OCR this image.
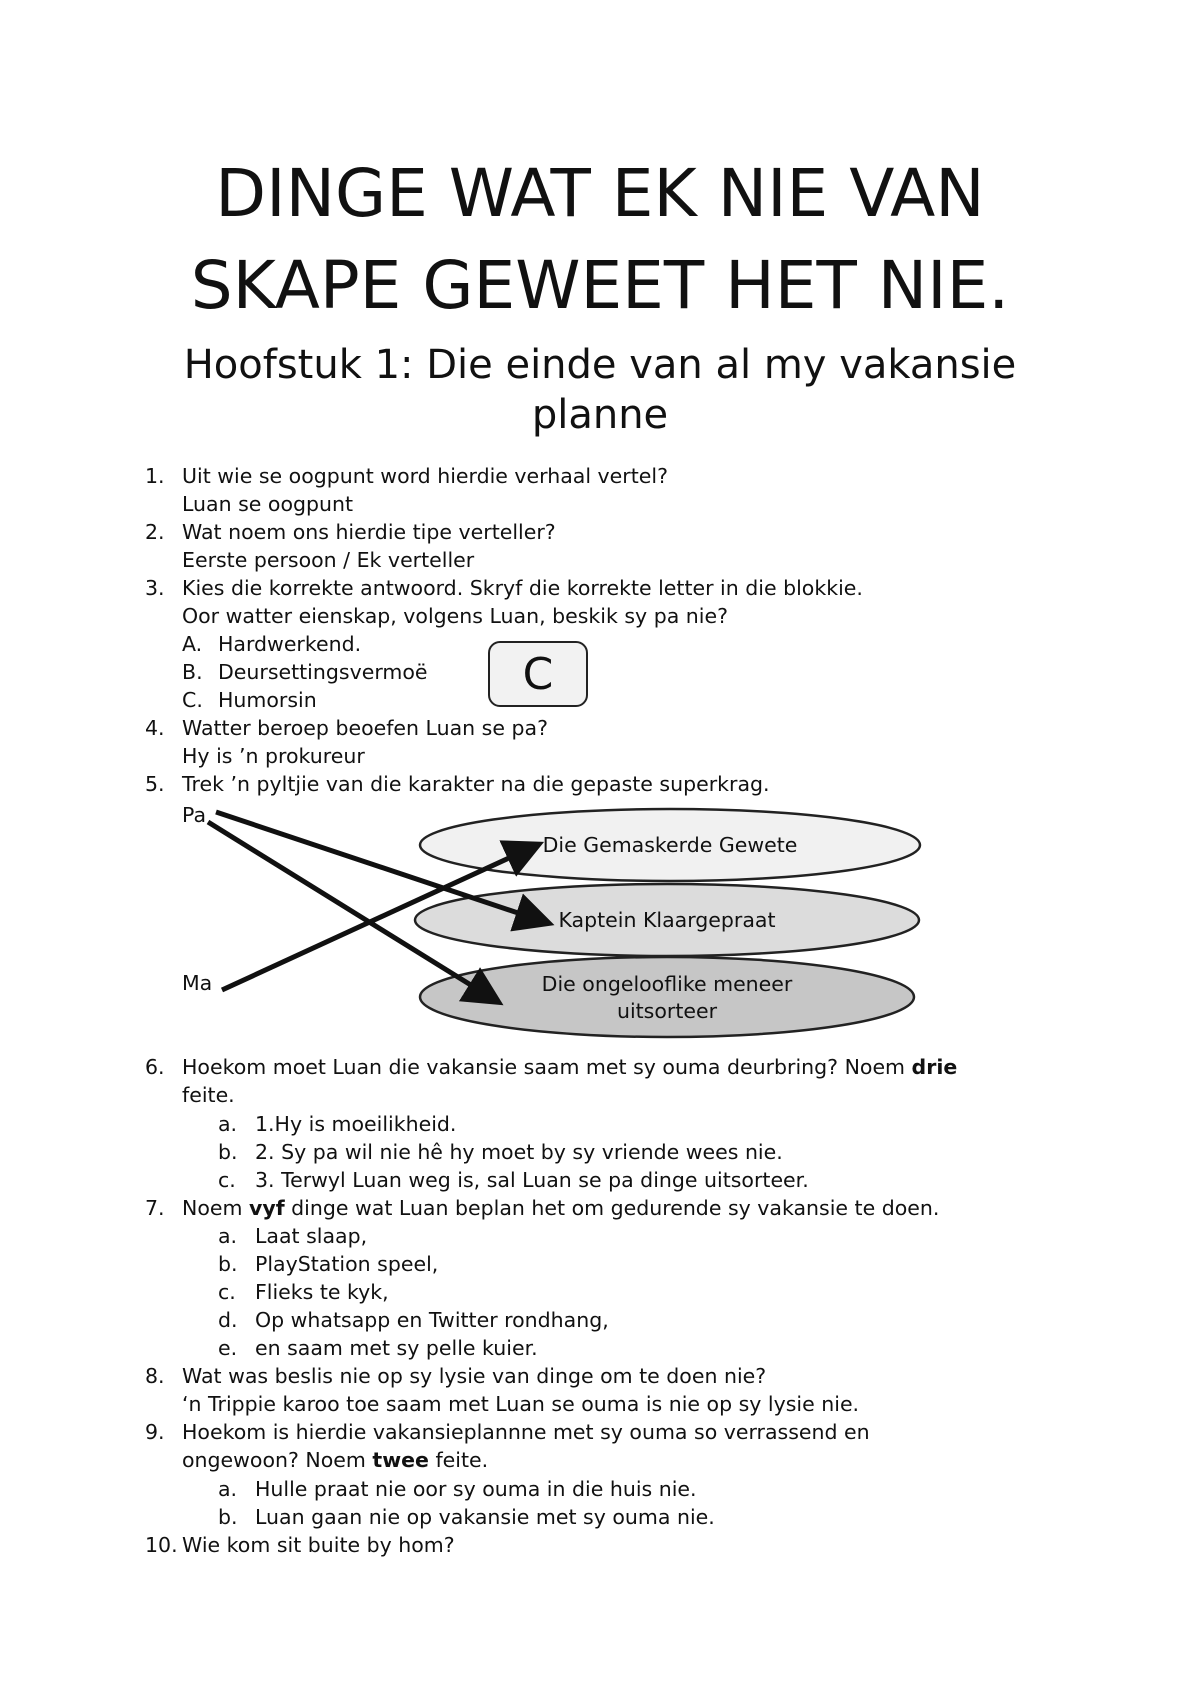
DINGE WAT EK NIE VAN
SKAPE GEWEET HET NIE.
Hoofstuk 1: Die einde van al my vakansie
planne
1. Uit wie se oogpunt word hierdie verhaal vertel?
Luan se oogpunt
2. Wat noem ons hierdie tipe verteller?
Eerste persoon / Ek verteller
3. Kies die korrekte antwoord. Skryf die korrekte letter in die blokkie.
Oor watter eienskap, volgens Luan, beskik sy pa nie?
A. Hardwerkend.
B. Deursettingsvermoë
C. Humorsin
C
4. Watter beroep beoefen Luan se pa?
Hy is ’n prokureur
5. Trek ’n pyltjie van die karakter na die gepaste superkrag.
Pa
Ma
Die Gemaskerde Gewete
Kaptein Klaargepraat
Die ongelooflike meneer
uitsorteer
6. Hoekom moet Luan die vakansie saam met sy ouma deurbring? Noem drie
feite.
a. 1.Hy is moeilikheid.
b. 2. Sy pa wil nie hê hy moet by sy vriende wees nie.
c. 3. Terwyl Luan weg is, sal Luan se pa dinge uitsorteer.
7. Noem vyf dinge wat Luan beplan het om gedurende sy vakansie te doen.
a. Laat slaap,
b. PlayStation speel,
c. Flieks te kyk,
d. Op whatsapp en Twitter rondhang,
e. en saam met sy pelle kuier.
8. Wat was beslis nie op sy lysie van dinge om te doen nie?
‘n Trippie karoo toe saam met Luan se ouma is nie op sy lysie nie.
9. Hoekom is hierdie vakansieplannne met sy ouma so verrassend en
ongewoon? Noem twee feite.
a. Hulle praat nie oor sy ouma in die huis nie.
b. Luan gaan nie op vakansie met sy ouma nie.
10. Wie kom sit buite by hom?
